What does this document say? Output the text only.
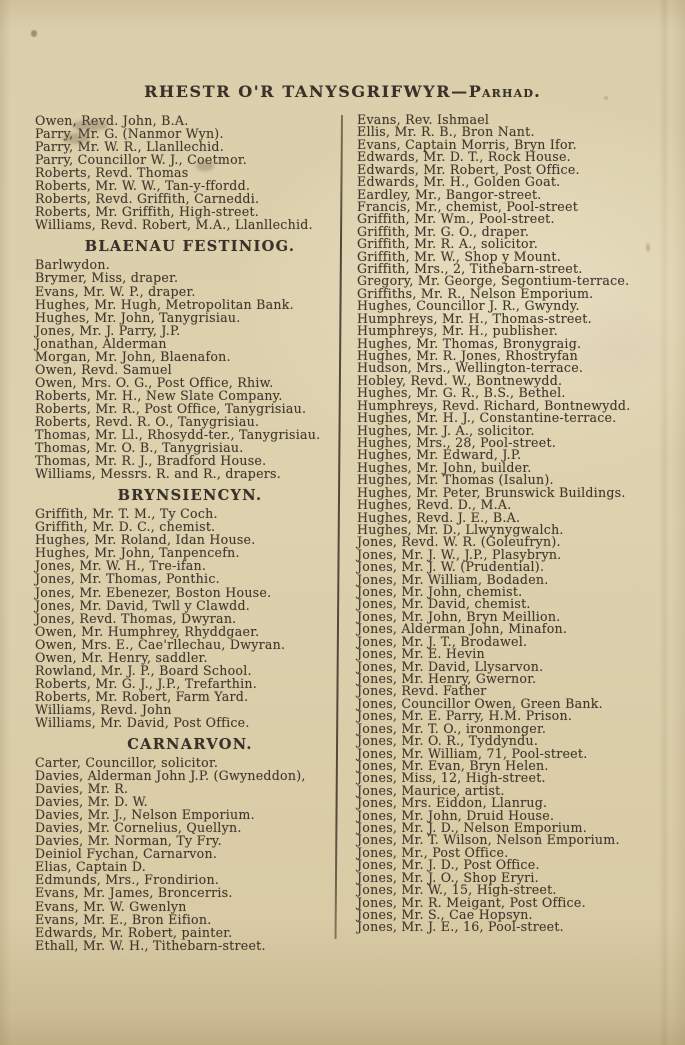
RHESTR O'R TANYSGRIFWYR—Parhad.
Owen, Revd. John, B.A.
Parry, Mr. G. (Nanmor Wyn).
Parry, Mr. W. R., Llanllechid.
Parry, Councillor W. J., Coetmor.
Roberts, Revd. Thomas
Roberts, Mr. W. W., Tan-y-ffordd.
Roberts, Revd. Griffith, Carneddi.
Roberts, Mr. Griffith, High-street.
Williams, Revd. Robert, M.A., Llanllechid.
BLAENAU FESTINIOG.
Barlwydon.
Brymer, Miss, draper.
Evans, Mr. W. P., draper.
Hughes, Mr. Hugh, Metropolitan Bank.
Hughes, Mr. John, Tanygrisiau.
Jones, Mr. J. Parry, J.P.
Jonathan, Alderman
Morgan, Mr. John, Blaenafon.
Owen, Revd. Samuel
Owen, Mrs. O. G., Post Office, Rhiw.
Roberts, Mr. H., New Slate Company.
Roberts, Mr. R., Post Office, Tanygrisiau.
Roberts, Revd. R. O., Tanygrisiau.
Thomas, Mr. Ll., Rhosydd-ter., Tanygrisiau.
Thomas, Mr. O. B., Tanygrisiau.
Thomas, Mr. R. J., Bradford House.
Williams, Messrs. R. and R., drapers.
BRYNSIENCYN.
Griffith, Mr. T. M., Ty Coch.
Griffith, Mr. D. C., chemist.
Hughes, Mr. Roland, Idan House.
Hughes, Mr. John, Tanpencefn.
Jones, Mr. W. H., Tre-ifan.
Jones, Mr. Thomas, Ponthic.
Jones, Mr. Ebenezer, Boston House.
Jones, Mr. David, Twll y Clawdd.
Jones, Revd. Thomas, Dwyran.
Owen, Mr. Humphrey, Rhyddgaer.
Owen, Mrs. E., Cae'rllechau, Dwyran.
Owen, Mr. Henry, saddler.
Rowland, Mr. J. P., Board School.
Roberts, Mr. G. J., J.P., Trefarthin.
Roberts, Mr. Robert, Farm Yard.
Williams, Revd. John
Williams, Mr. David, Post Office.
CARNARVON.
Carter, Councillor, solicitor.
Davies, Alderman John J.P. (Gwyneddon),
Davies, Mr. R.
Davies, Mr. D. W.
Davies, Mr. J., Nelson Emporium.
Davies, Mr. Cornelius, Quellyn.
Davies, Mr. Norman, Ty Fry.
Deiniol Fychan, Carnarvon.
Elias, Captain D.
Edmunds, Mrs., Frondirion.
Evans, Mr. James, Broncerris.
Evans, Mr. W. Gwenlyn
Evans, Mr. E., Bron Eifion.
Edwards, Mr. Robert, painter.
Ethall, Mr. W. H., Tithebarn-street.
Evans, Rev. Ishmael
Ellis, Mr. R. B., Bron Nant.
Evans, Captain Morris, Bryn Ifor.
Edwards, Mr. D. T., Rock House.
Edwards, Mr. Robert, Post Office.
Edwards, Mr. H., Golden Goat.
Eardley, Mr., Bangor-street.
Francis, Mr., chemist, Pool-street
Griffith, Mr. Wm., Pool-street.
Griffith, Mr. G. O., draper.
Griffith, Mr. R. A., solicitor.
Griffith, Mr. W., Shop y Mount.
Griffith, Mrs., 2, Tithebarn-street.
Gregory, Mr. George, Segontium-terrace.
Griffiths, Mr. R., Nelson Emporium.
Hughes, Councillor J. R., Gwyndy.
Humphreys, Mr. H., Thomas-street.
Humphreys, Mr. H., publisher.
Hughes, Mr. Thomas, Bronygraig.
Hughes, Mr. R. Jones, Rhostryfan
Hudson, Mrs., Wellington-terrace.
Hobley, Revd. W., Bontnewydd.
Hughes, Mr. G. R., B.S., Bethel.
Humphreys, Revd. Richard, Bontnewydd.
Hughes, Mr. H. J., Constantine-terrace.
Hughes, Mr. J. A., solicitor.
Hughes, Mrs., 28, Pool-street.
Hughes, Mr. Edward, J.P.
Hughes, Mr. John, builder.
Hughes, Mr. Thomas (Isalun).
Hughes, Mr. Peter, Brunswick Buildings.
Hughes, Revd. D., M.A.
Hughes, Revd. J. E., B.A.
Hughes, Mr. D., Llwynygwalch.
Jones, Revd. W. R. (Goleufryn).
Jones, Mr. J. W., J.P., Plasybryn.
Jones, Mr. J. W. (Prudential).
Jones, Mr. William, Bodaden.
Jones, Mr. John, chemist.
Jones, Mr. David, chemist.
Jones, Mr. John, Bryn Meillion.
Jones, Alderman John, Minafon.
Jones, Mr. J. T., Brodawel.
Jones, Mr. E. Hevin
Jones, Mr. David, Llysarvon.
Jones, Mr. Henry, Gwernor.
Jones, Revd. Father
Jones, Councillor Owen, Green Bank.
Jones, Mr. E. Parry, H.M. Prison.
Jones, Mr. T. O., ironmonger.
Jones, Mr. O. R., Tyddyndu.
Jones, Mr. William, 71, Pool-street.
Jones, Mr. Evan, Bryn Helen.
Jones, Miss, 12, High-street.
Jones, Maurice, artist.
Jones, Mrs. Eiddon, Llanrug.
Jones, Mr. John, Druid House.
Jones, Mr. J. D., Nelson Emporium.
Jones, Mr. T. Wilson, Nelson Emporium.
Jones, Mr., Post Office.
Jones, Mr. J. D., Post Office.
Jones, Mr. J. O., Shop Eryri.
Jones, Mr. W., 15, High-street.
Jones, Mr. R. Meigant, Post Office.
Jones, Mr. S., Cae Hopsyn.
Jones, Mr. J. E., 16, Pool-street.
